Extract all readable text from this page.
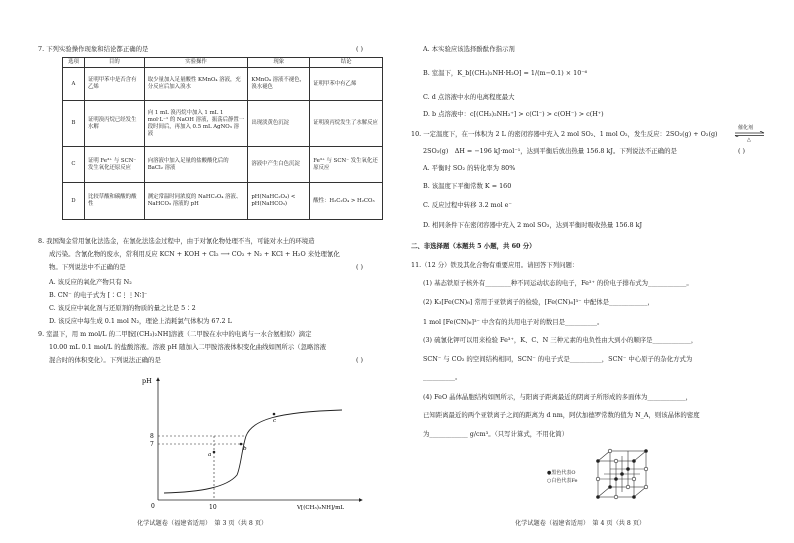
7. 下列实验操作现象和结论都正确的是	( )
选项	目的	实验操作	现象	结论
A	证明甲苯中是否含有乙烯	取少量加入足量酸性 KMnO₄ 溶液，充分反应后加入溴水	KMnO₄ 溶液不褪色，溴水褪色	证明甲苯中有乙烯
B	证明溴丙烷已经发生水解	向 1 mL 溴丙烷中加入 1 mL 1 mol·L⁻¹ 的 NaOH 溶液，振荡后静置一段时间后，再加入 0.5 mL AgNO₃ 溶液	出现淡黄色沉淀	证明溴丙烷发生了水解反应
C	证明 Fe³⁺ 与 SCN⁻ 发生氧化还原反应	向溶液中加入足量的盐酸酸化后的 BaCl₂ 溶液	溶液中产生白色沉淀	Fe³⁺ 与 SCN⁻ 发生氧化还原反应
D	比较草酸和碳酸的酸性	测定常温时同浓度的 NaHC₂O₄ 溶液、NaHCO₃ 溶液的 pH	pH(NaHC₂O₄) < pH(NaHCO₃)	酸性：H₂C₂O₄ > H₂CO₃
8. 我国淘金常用氰化法选金，在氰化法选金过程中，由于对氰化物处理不当，可能对水土的环境造
成污染。含氰化物的废水，常利用反应 KCN + KOH + Cl₂ ⟶ CO₂ + N₂ + KCl + H₂O 来处理氰化
物。下列说法中不正确的是	( )
A. 该反应的氧化产物只有 N₂
B. CN⁻ 的电子式为 [∶C⋮⋮N∶]⁻
C. 该反应中氧化剂与还原剂的物质的量之比是 5∶2
D. 该反应中每生成 0.1 mol N₂，理论上消耗氯气体积为 67.2 L
9. 室温下，用 m mol/L 的二甲胺[(CH₃)₂NH]溶液（二甲胺在水中的电离与一水合氨相似）滴定
10.00 mL 0.1 mol/L 的盐酸溶液。溶液 pH 随加入二甲胺溶液体积变化曲线如图所示（忽略溶液
混合时的体积变化）。下列说法正确的是	( )
pH
8
7
0	10	V[(CH₃)₂NH]/mL
a
b
c
化学试题卷（福建省适用）　第 3 页（共 8 页）
A. 本实验应该选择酚酞作指示剂
B. 室温下，K_b[(CH₃)₂NH·H₂O] = 1/(m−0.1) × 10⁻⁶
C. d 点溶液中水的电离程度最大
D. b 点溶液中：c[(CH₃)₂NH₂⁺] > c(Cl⁻) > c(OH⁻) > c(H⁺)
10. 一定温度下，在一体积为 2 L 的密闭容器中充入 2 mol SO₂、1 mol O₂，发生反应：2SO₂(g) + O₂(g)
催化剂
△
2SO₃(g)　ΔH = −196 kJ·mol⁻¹，达到平衡后放出热量 156.8 kJ。下列说法不正确的是	( )
A. 平衡时 SO₂ 的转化率为 80%
B. 该温度下平衡常数 K = 160
C. 反应过程中转移 3.2 mol e⁻
D. 相同条件下在密闭容器中充入 2 mol SO₃，达到平衡时吸收热量 156.8 kJ
二、非选择题（本题共 5 小题，共 60 分）
11.（12 分）铁及其化合物有重要应用。请回答下列问题：
(1) 基态铁原子核外有________种不同运动状态的电子，Fe³⁺ 的价电子排布式为____________。
(2) K₃[Fe(CN)₆] 常用于亚铁离子的检验，[Fe(CN)₆]³⁻ 中配体是____________，
1 mol [Fe(CN)₆]³⁻ 中含有的共用电子对的数目是__________。
(3) 硫氰化钾可以用来检验 Fe³⁺，K、C、N 三种元素的电负性由大到小的顺序是____________，
SCN⁻ 与 CO₂ 的空间结构相同，SCN⁻ 的电子式是__________，SCN⁻ 中心原子的杂化方式为
__________。
(4) FeO 晶体晶胞结构如图所示，与阳离子距离最近的阴离子所形成的多面体为____________，
已知距离最近的两个亚铁离子之间的距离为 d nm，阿伏加德罗常数的值为 N_A，则该晶体的密度
为____________ g/cm³。（只写计算式，不用化简）
●黑色代表O
○白色代表Fe
化学试题卷（福建省适用）　第 4 页（共 8 页）
